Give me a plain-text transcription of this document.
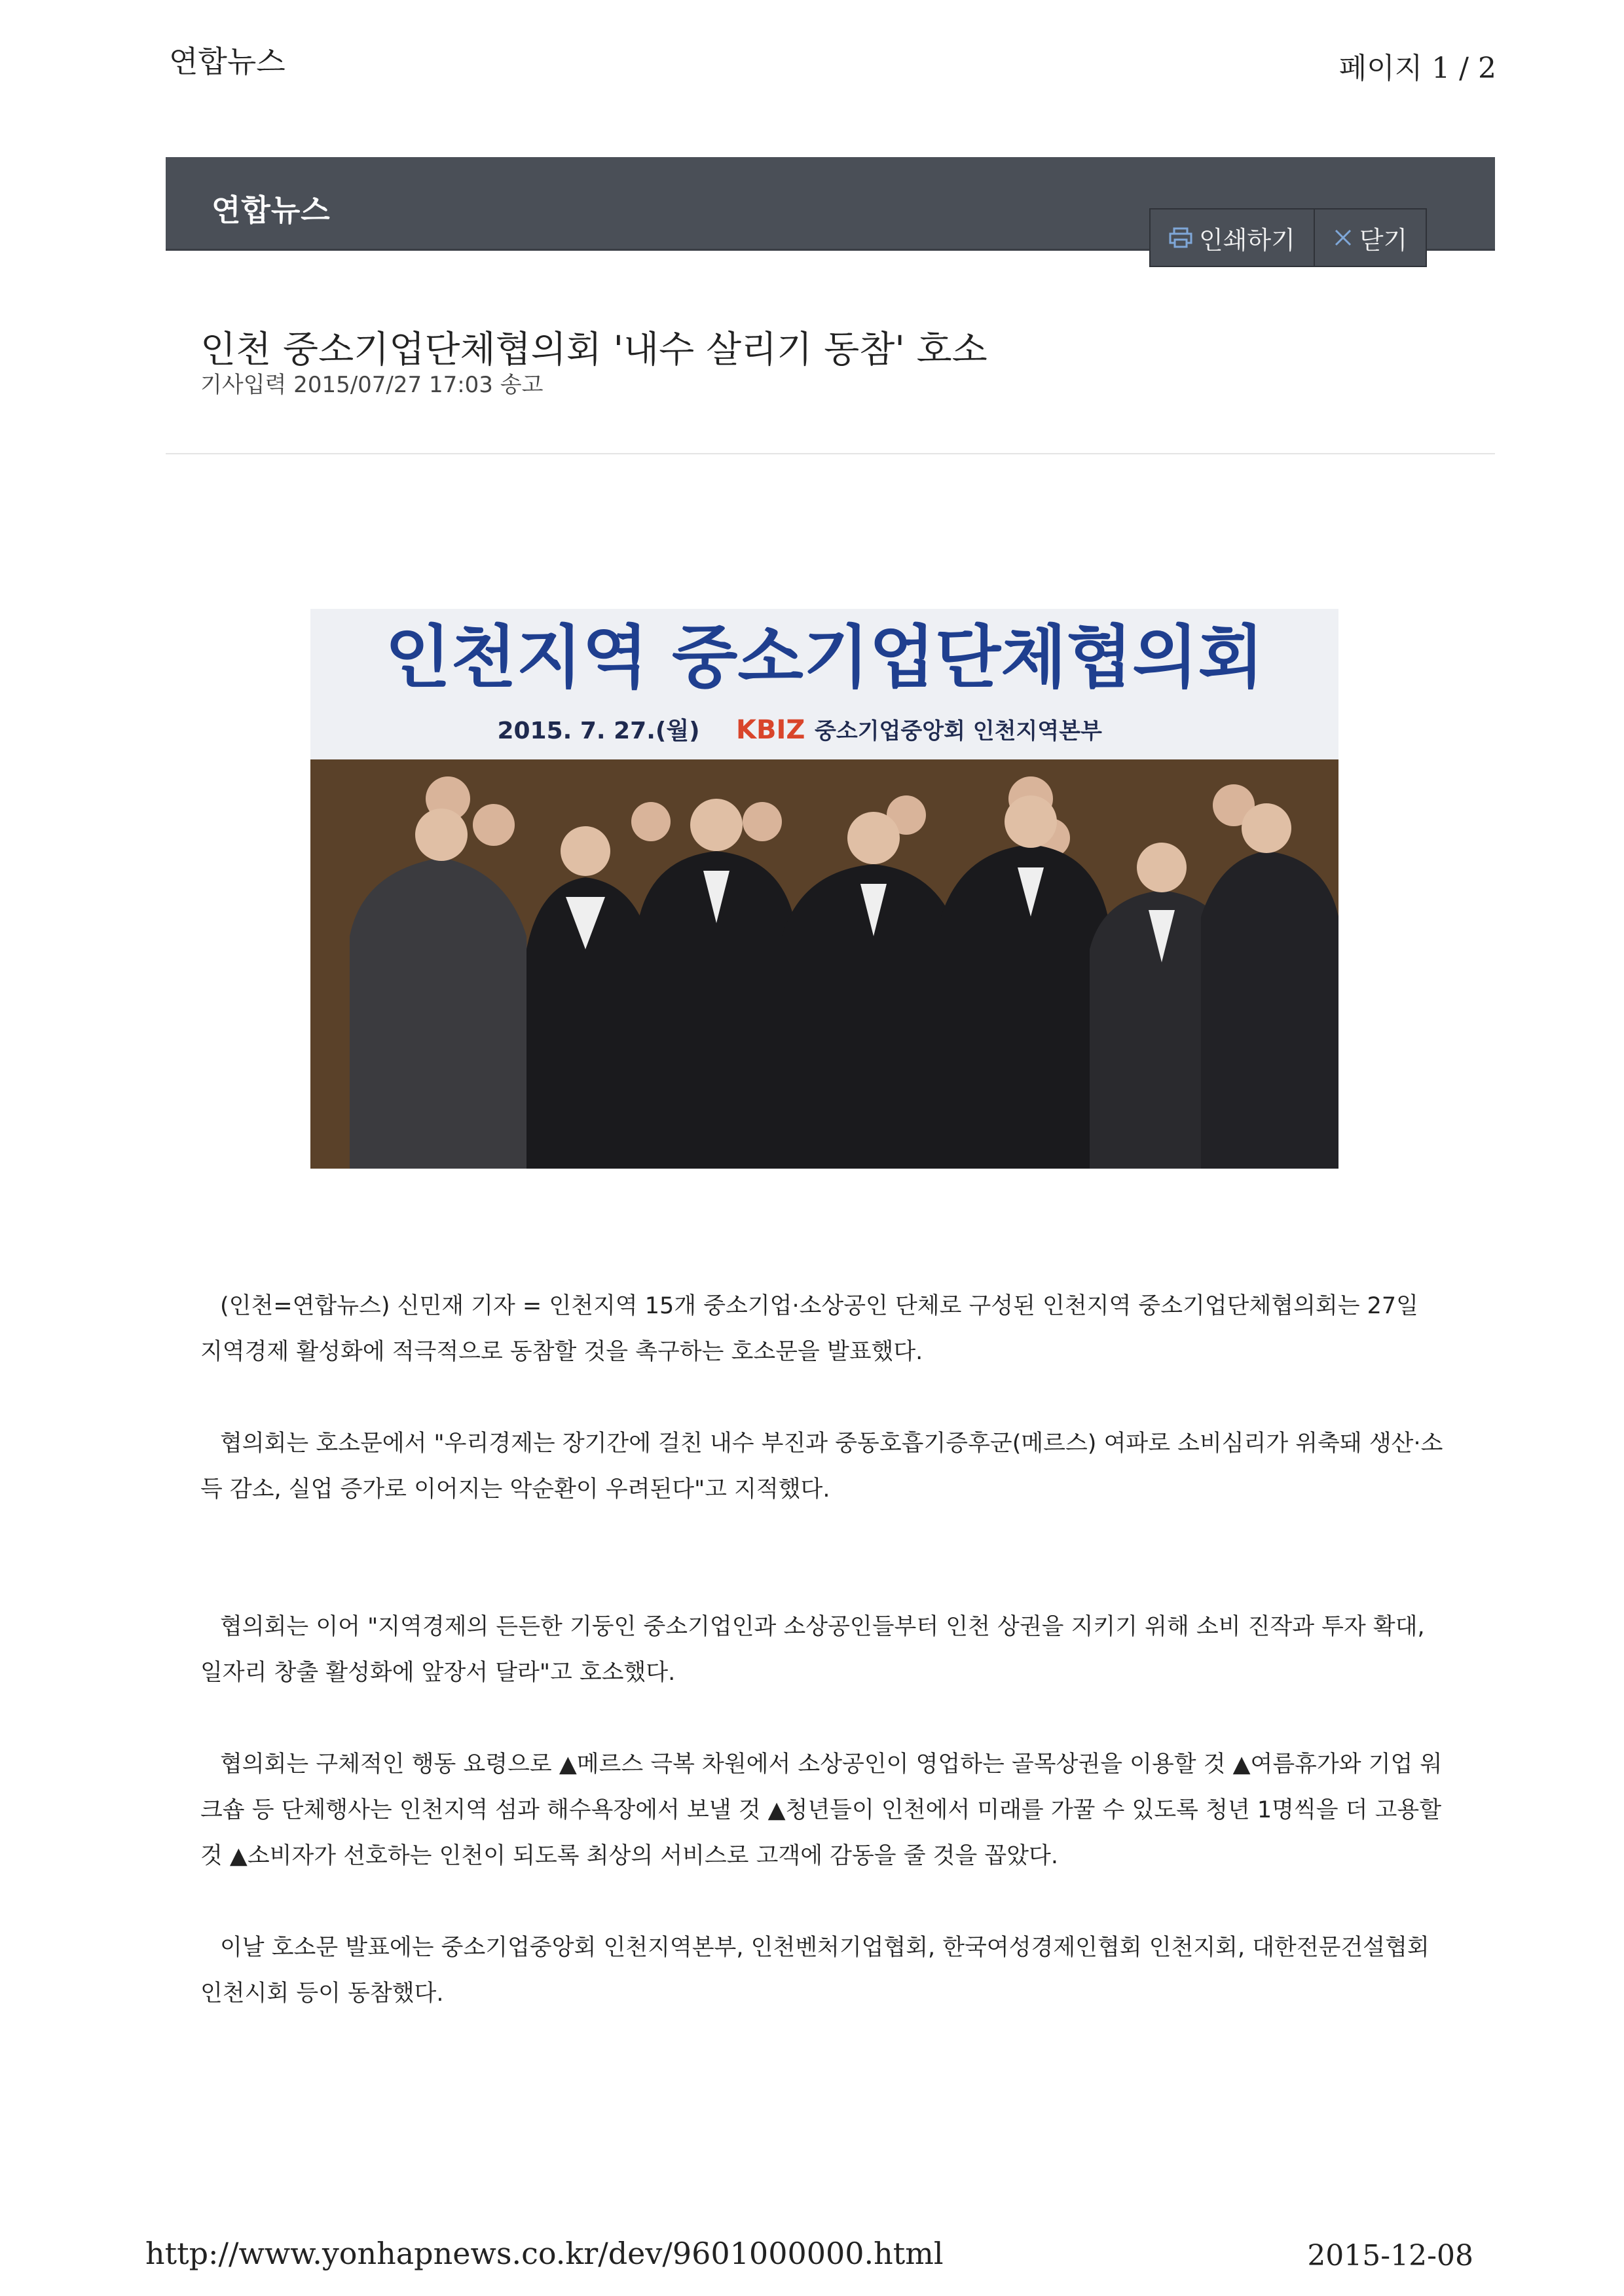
연합뉴스	페이지 1 / 2
연합뉴스
인쇄하기	닫기
인천 중소기업단체협의회 '내수 살리기 동참' 호소
기사입력 2015/07/27 17:03 송고
인천지역 중소기업단체협의회
2015. 7. 27.(월) KBIZ 중소기업중앙회 인천지역본부

(인천=연합뉴스) 신민재 기자 = 인천지역 15개 중소기업·소상공인 단체로 구성된 인천지역 중소기업단체협의회는 27일 지역경제 활성화에 적극적으로 동참할 것을 촉구하는 호소문을 발표했다.

협의회는 호소문에서 "우리경제는 장기간에 걸친 내수 부진과 중동호흡기증후군(메르스) 여파로 소비심리가 위축돼 생산·소득 감소, 실업 증가로 이어지는 악순환이 우려된다"고 지적했다.

협의회는 이어 "지역경제의 든든한 기둥인 중소기업인과 소상공인들부터 인천 상권을 지키기 위해 소비 진작과 투자 확대, 일자리 창출 활성화에 앞장서 달라"고 호소했다.

협의회는 구체적인 행동 요령으로 ▲메르스 극복 차원에서 소상공인이 영업하는 골목상권을 이용할 것 ▲여름휴가와 기업 워크숍 등 단체행사는 인천지역 섬과 해수욕장에서 보낼 것 ▲청년들이 인천에서 미래를 가꿀 수 있도록 청년 1명씩을 더 고용할 것 ▲소비자가 선호하는 인천이 되도록 최상의 서비스로 고객에 감동을 줄 것을 꼽았다.

이날 호소문 발표에는 중소기업중앙회 인천지역본부, 인천벤처기업협회, 한국여성경제인협회 인천지회, 대한전문건설협회 인천시회 등이 동참했다.

http://www.yonhapnews.co.kr/dev/9601000000.html	2015-12-08
